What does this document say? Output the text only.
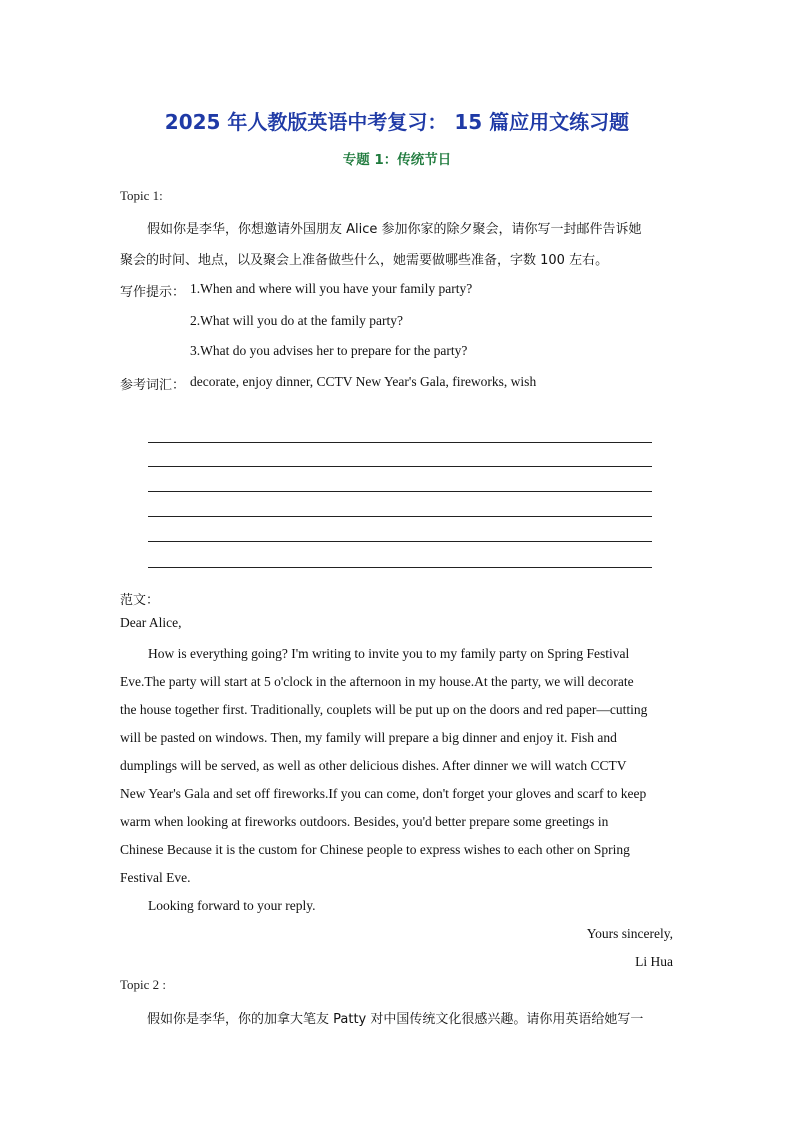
2025 年人教版英语中考复习： 15 篇应用文练习题
专题 1：传统节日
Topic 1:
假如你是李华，你想邀请外国朋友 Alice 参加你家的除夕聚会，请你写一封邮件告诉她
聚会的时间、地点，以及聚会上准备做些什么，她需要做哪些准备，字数 100 左右。
写作提示： 1.When and where will you have your family party?
2.What will you do at the family party?
3.What do you advises her to prepare for the party?
参考词汇： decorate, enjoy dinner, CCTV New Year's Gala, fireworks, wish
范文：
Dear Alice,
How is everything going? I'm writing to invite you to my family party on Spring Festival
Eve.The party will start at 5 o'clock in the afternoon in my house.At the party, we will decorate
the house together first. Traditionally, couplets will be put up on the doors and red paper—cutting
will be pasted on windows. Then, my family will prepare a big dinner and enjoy it. Fish and
dumplings will be served, as well as other delicious dishes. After dinner we will watch CCTV
New Year's Gala and set off fireworks.If you can come, don't forget your gloves and scarf to keep
warm when looking at fireworks outdoors. Besides, you'd better prepare some greetings in
Chinese Because it is the custom for Chinese people to express wishes to each other on Spring
Festival Eve.
Looking forward to your reply.
Yours sincerely,
Li Hua
Topic 2 :
假如你是李华，你的加拿大笔友 Patty 对中国传统文化很感兴趣。请你用英语给她写一
